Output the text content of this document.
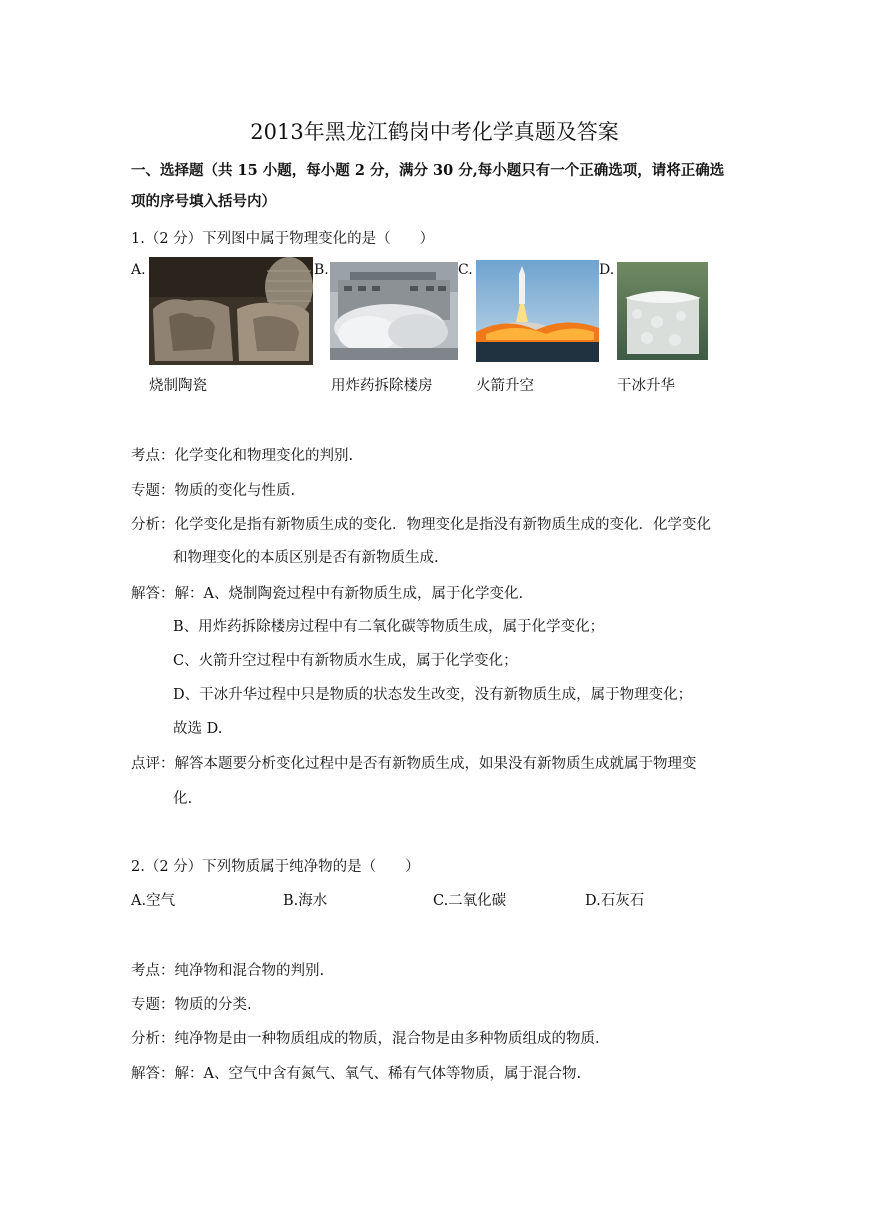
2013年黑龙江鹤岗中考化学真题及答案
一、选择题（共 15 小题，每小题 2 分，满分 30 分,每小题只有一个正确选项，请将正确选
项的序号填入括号内）
1.（2 分）下列图中属于物理变化的是（　　）
A.
烧制陶瓷
B.
用炸药拆除楼房
C.
火箭升空
D.
干冰升华
考点：化学变化和物理变化的判别.
专题：物质的变化与性质.
分析：化学变化是指有新物质生成的变化．物理变化是指没有新物质生成的变化．化学变化
和物理变化的本质区别是否有新物质生成.
解答：解：A、烧制陶瓷过程中有新物质生成，属于化学变化.
B、用炸药拆除楼房过程中有二氧化碳等物质生成，属于化学变化；
C、火箭升空过程中有新物质水生成，属于化学变化；
D、干冰升华过程中只是物质的状态发生改变，没有新物质生成，属于物理变化；
故选 D.
点评：解答本题要分析变化过程中是否有新物质生成，如果没有新物质生成就属于物理变
化.
2.（2 分）下列物质属于纯净物的是（　　）
A.空气	B.海水	C.二氧化碳	D.石灰石
考点：纯净物和混合物的判别.
专题：物质的分类.
分析：纯净物是由一种物质组成的物质，混合物是由多种物质组成的物质.
解答：解：A、空气中含有氮气、氧气、稀有气体等物质，属于混合物.
